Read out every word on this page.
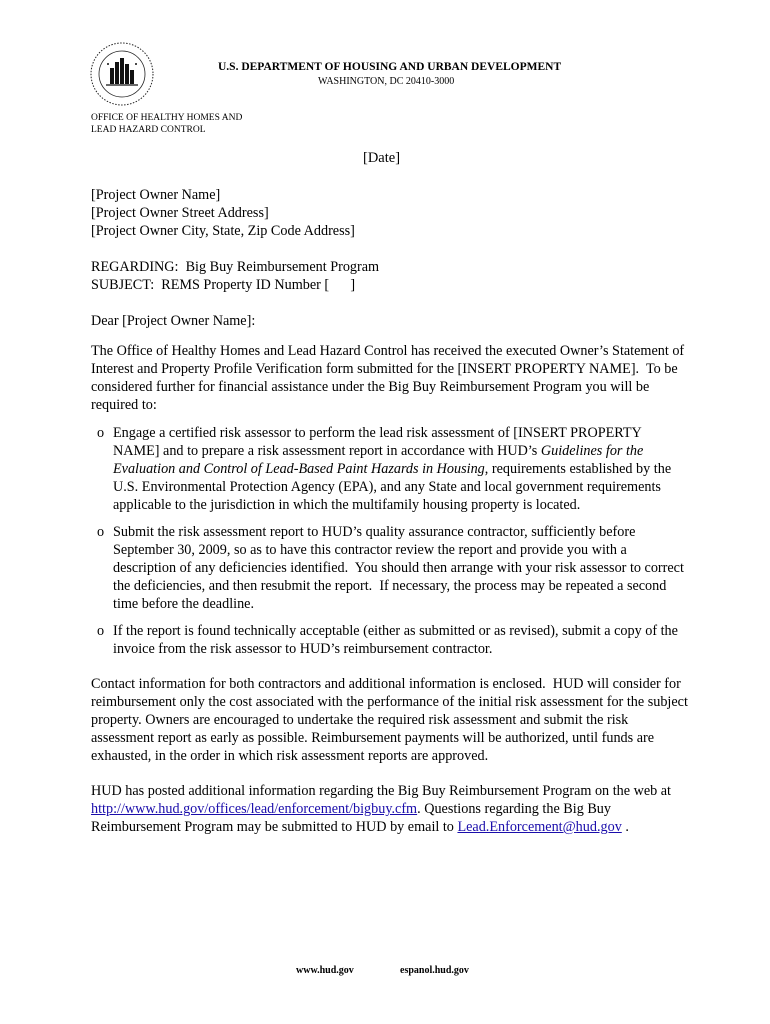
U.S. DEPARTMENT OF HOUSING AND URBAN DEVELOPMENT
WASHINGTON, DC 20410-3000
OFFICE OF HEALTHY HOMES AND
LEAD HAZARD CONTROL
[Date]
[Project Owner Name]
[Project Owner Street Address]
[Project Owner City, State, Zip Code Address]
REGARDING:  Big Buy Reimbursement Program
SUBJECT:  REMS Property ID Number [      ]
Dear [Project Owner Name]:
The Office of Healthy Homes and Lead Hazard Control has received the executed Owner’s Statement of Interest and Property Profile Verification form submitted for the [INSERT PROPERTY NAME].  To be considered further for financial assistance under the Big Buy Reimbursement Program you will be required to:
o Engage a certified risk assessor to perform the lead risk assessment of [INSERT PROPERTY NAME] and to prepare a risk assessment report in accordance with HUD’s Guidelines for the Evaluation and Control of Lead-Based Paint Hazards in Housing, requirements established by the U.S. Environmental Protection Agency (EPA), and any State and local government requirements applicable to the jurisdiction in which the multifamily housing property is located.
o Submit the risk assessment report to HUD’s quality assurance contractor, sufficiently before September 30, 2009, so as to have this contractor review the report and provide you with a description of any deficiencies identified.  You should then arrange with your risk assessor to correct the deficiencies, and then resubmit the report.  If necessary, the process may be repeated a second time before the deadline.
o If the report is found technically acceptable (either as submitted or as revised), submit a copy of the invoice from the risk assessor to HUD’s reimbursement contractor.
Contact information for both contractors and additional information is enclosed.  HUD will consider for reimbursement only the cost associated with the performance of the initial risk assessment for the subject property. Owners are encouraged to undertake the required risk assessment and submit the risk assessment report as early as possible. Reimbursement payments will be authorized, until funds are exhausted, in the order in which risk assessment reports are approved.
HUD has posted additional information regarding the Big Buy Reimbursement Program on the web at http://www.hud.gov/offices/lead/enforcement/bigbuy.cfm. Questions regarding the Big Buy Reimbursement Program may be submitted to HUD by email to Lead.Enforcement@hud.gov .
www.hud.gov	espanol.hud.gov
